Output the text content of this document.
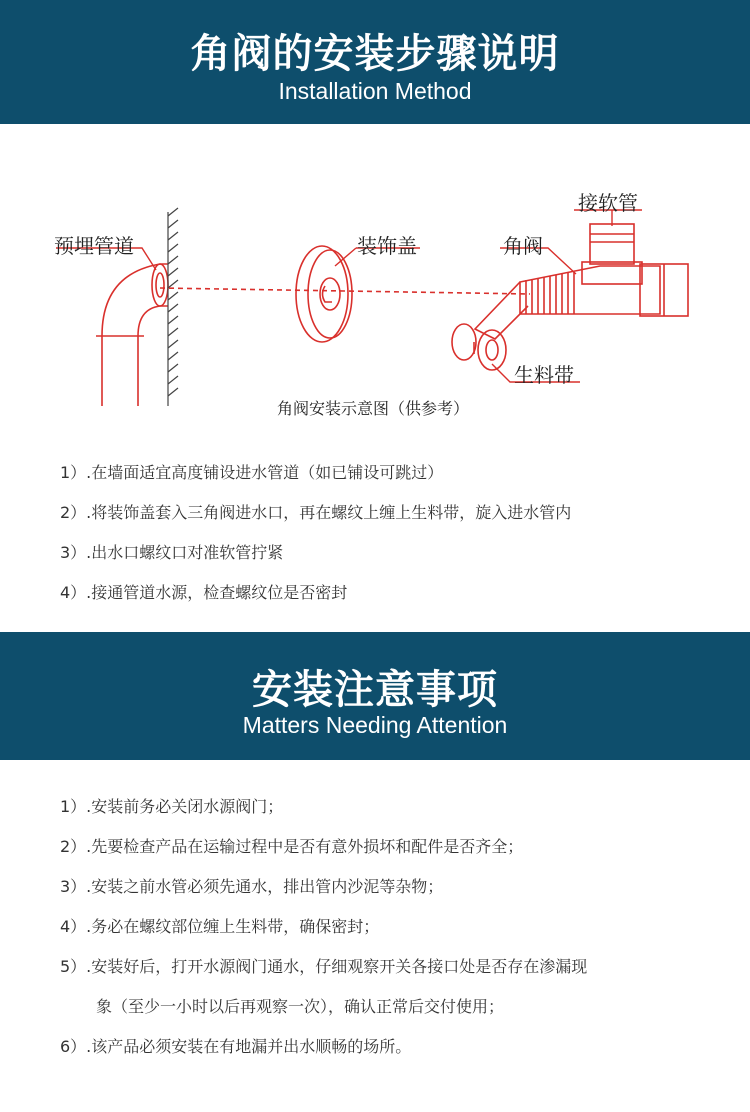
角阀的安装步骤说明
Installation Method
预埋管道	装饰盖	角阀
接软管
生料带
角阀安装示意图（供参考）
1）.在墙面适宜高度铺设进水管道（如已铺设可跳过）
2）.将装饰盖套入三角阀进水口，再在螺纹上缠上生料带，旋入进水管内
3）.出水口螺纹口对准软管拧紧
4）.接通管道水源，检查螺纹位是否密封
安装注意事项
Matters Needing Attention
1）.安装前务必关闭水源阀门；
2）.先要检查产品在运输过程中是否有意外损坏和配件是否齐全；
3）.安装之前水管必须先通水，排出管内沙泥等杂物；
4）.务必在螺纹部位缠上生料带，确保密封；
5）.安装好后，打开水源阀门通水，仔细观察开关各接口处是否存在渗漏现
象（至少一小时以后再观察一次），确认正常后交付使用；
6）.该产品必须安装在有地漏并出水顺畅的场所。
